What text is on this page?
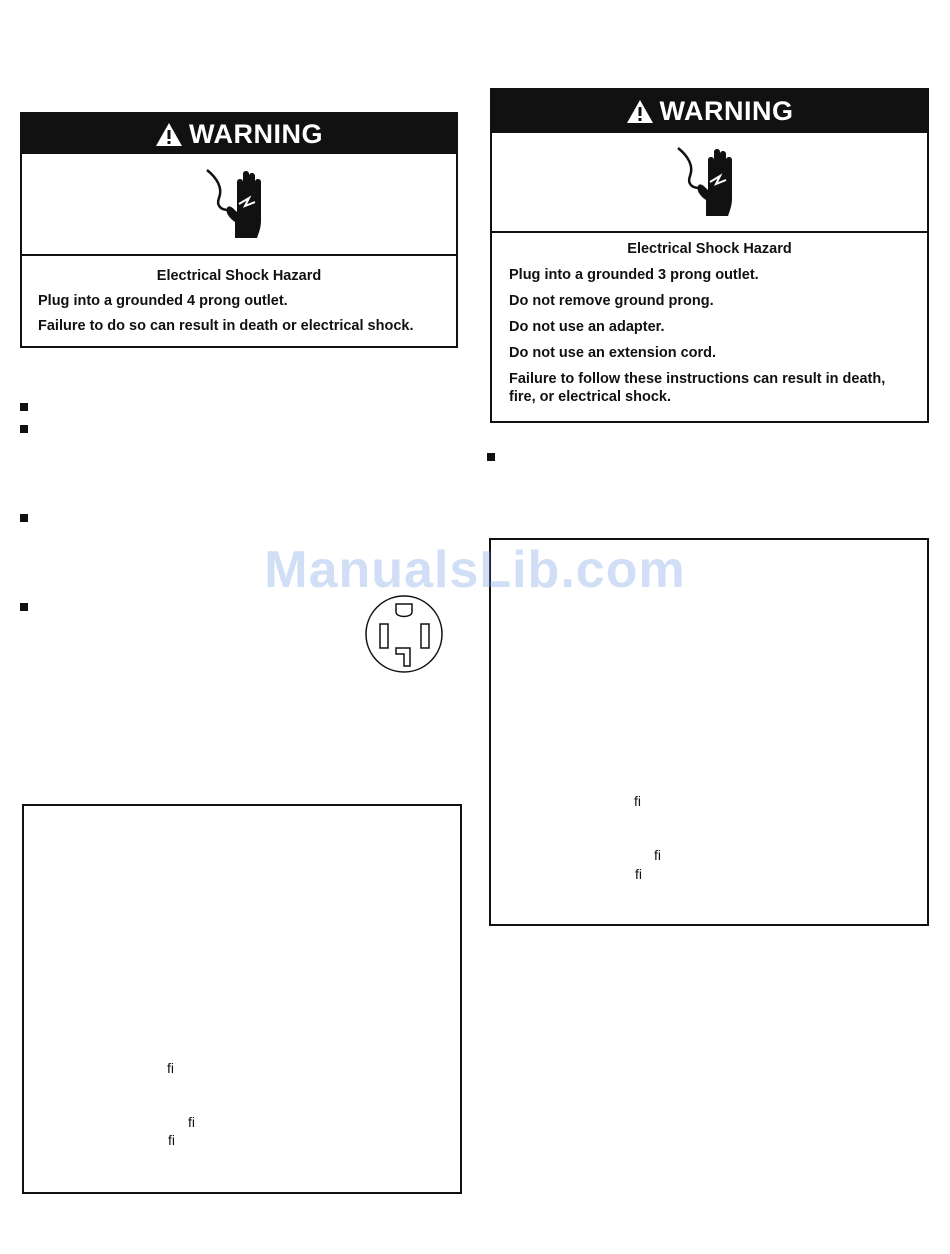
WARNING
Electrical Shock Hazard
Plug into a grounded 4 prong outlet.
Failure to do so can result in death or electrical shock.
fi
fi
fi
WARNING
Electrical Shock Hazard
Plug into a grounded 3 prong outlet.
Do not remove ground prong.
Do not use an adapter.
Do not use an extension cord.
Failure to follow these instructions can result in death,
fire, or electrical shock.
fi
fi
fi
ManualsLib.com
